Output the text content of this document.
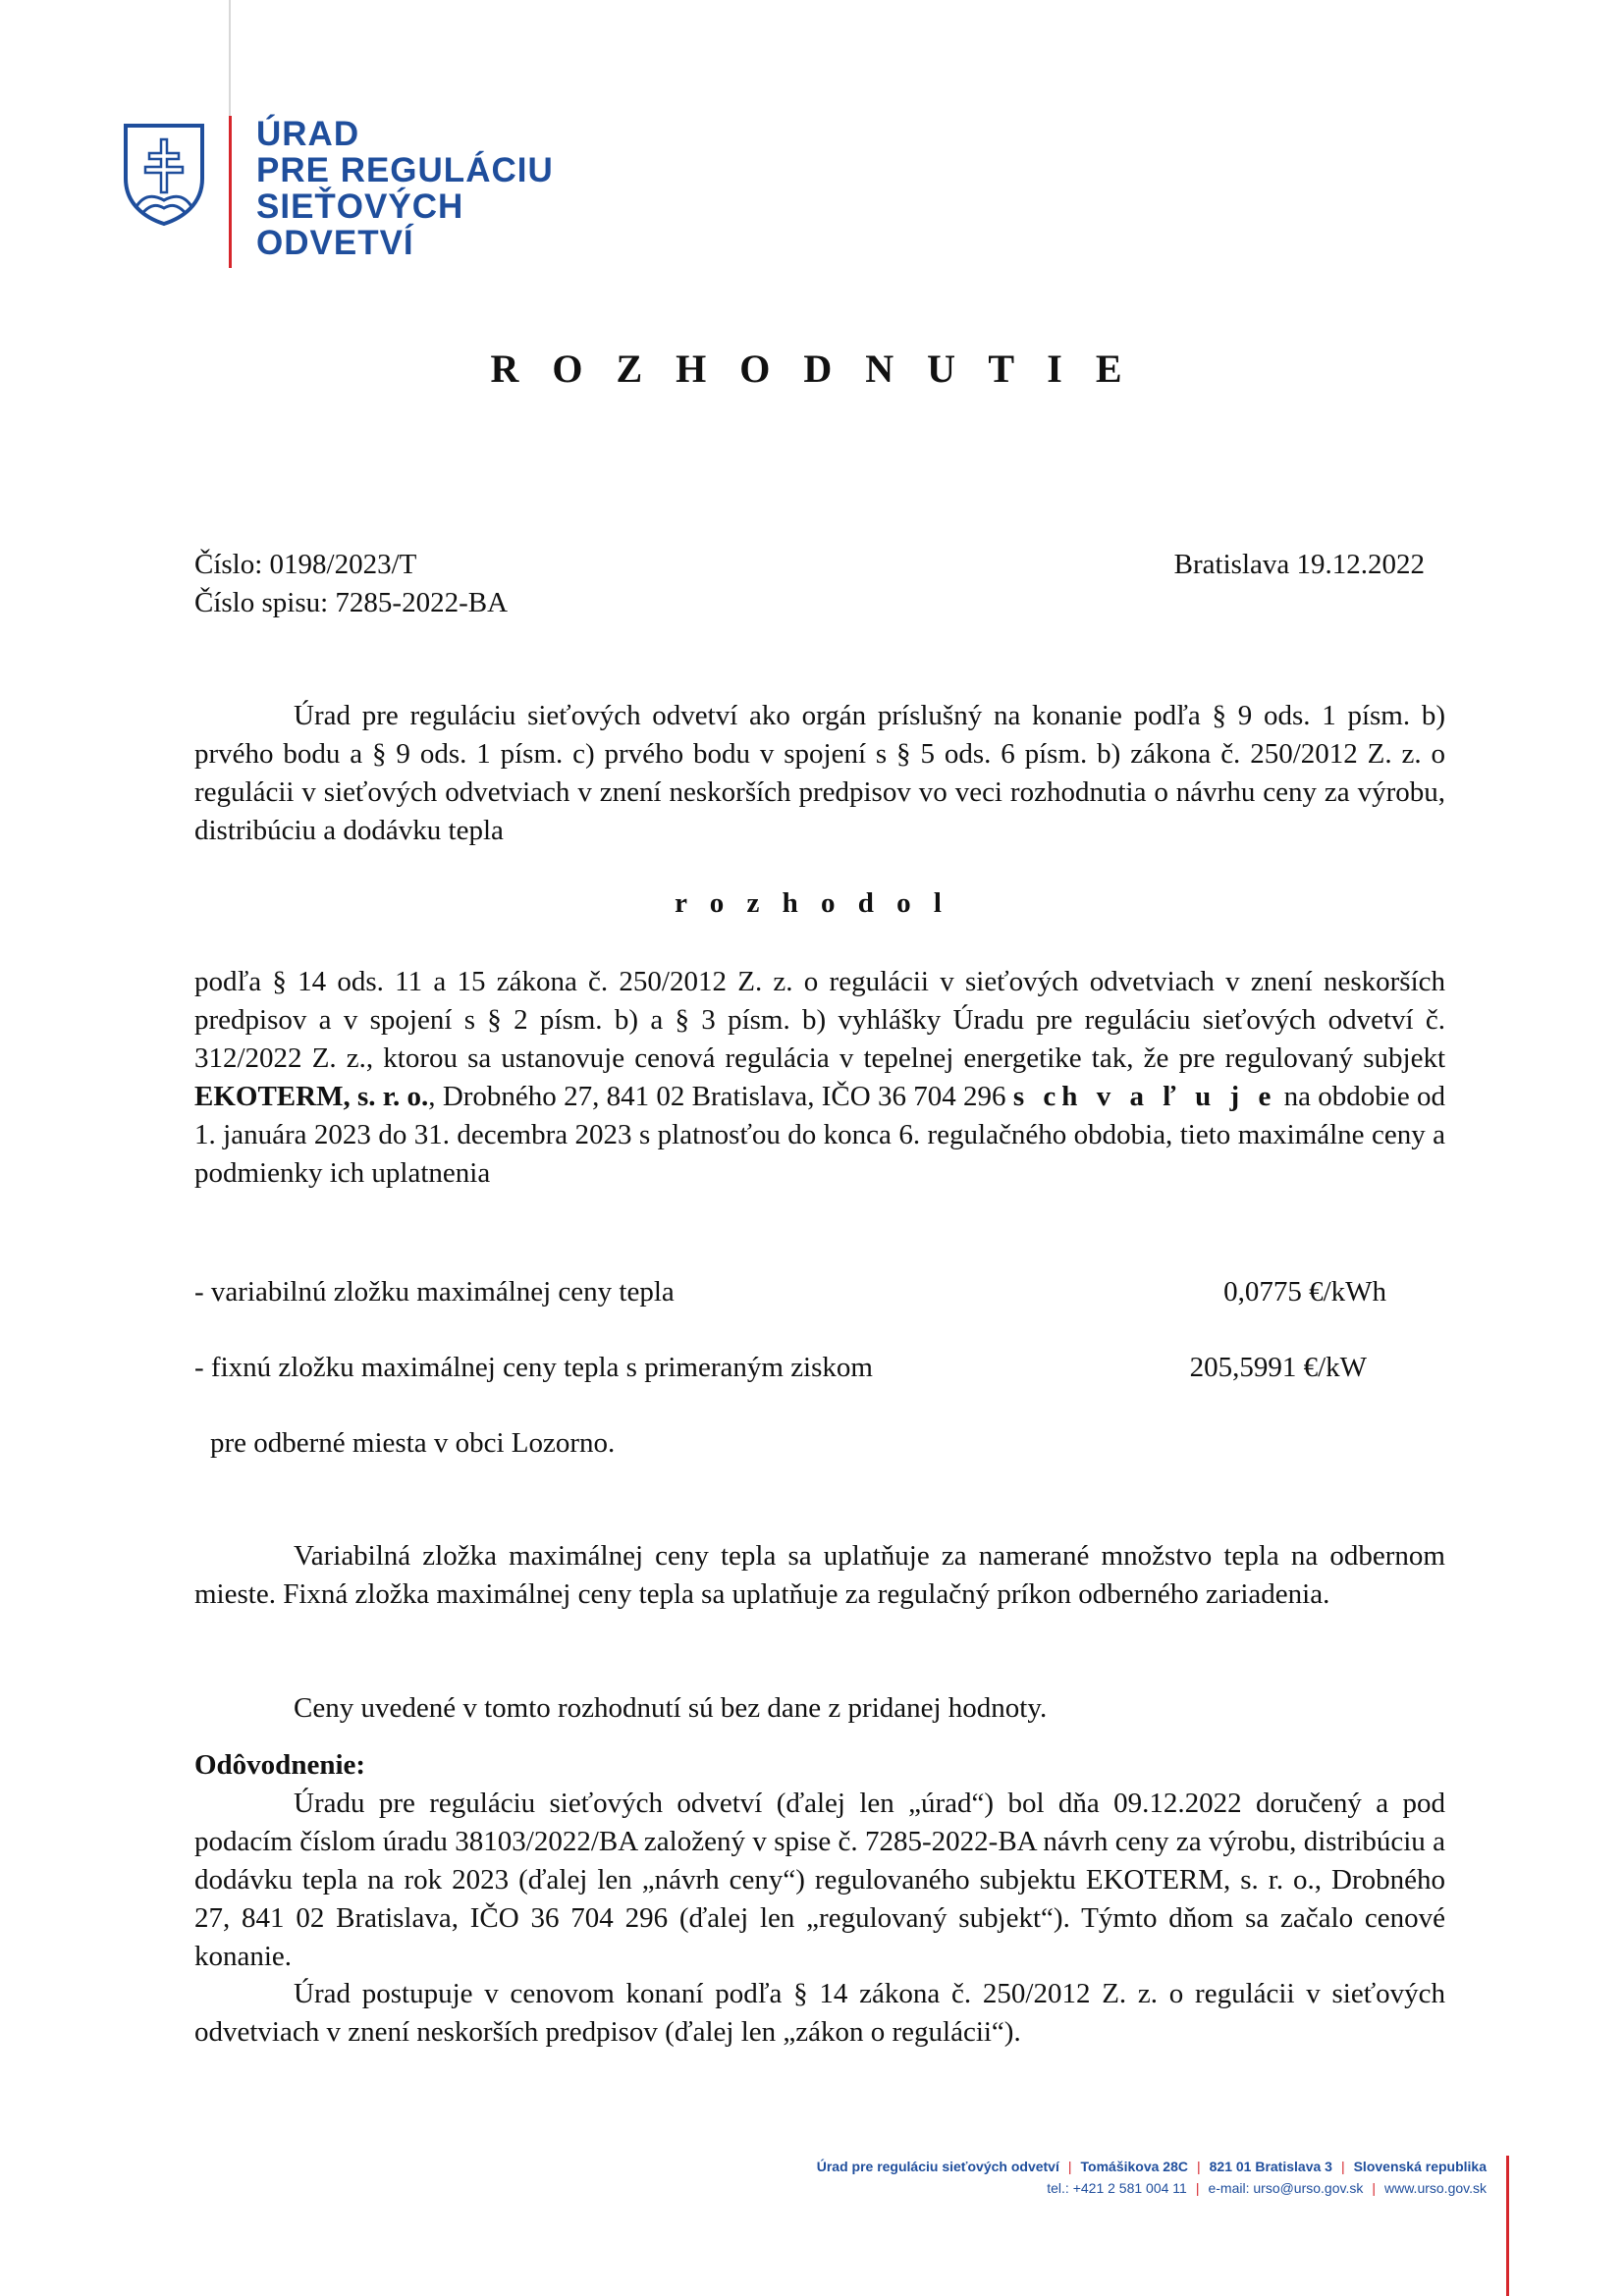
ÚRAD
PRE REGULÁCIU
SIEŤOVÝCH
ODVETVÍ
R O Z H O D N U T I E
Číslo: 0198/2023/T
Číslo spisu: 7285-2022-BA
Bratislava 19.12.2022
Úrad pre reguláciu sieťových odvetví ako orgán príslušný na konanie podľa § 9 ods. 1 písm. b) prvého bodu a § 9 ods. 1 písm. c) prvého bodu v spojení s § 5 ods. 6 písm. b) zákona č. 250/2012 Z. z. o regulácii v sieťových odvetviach v znení neskorších predpisov vo veci rozhodnutia o návrhu ceny za výrobu, distribúciu a dodávku tepla
r o z h o d o l
podľa § 14 ods. 11 a 15 zákona č. 250/2012 Z. z. o regulácii v sieťových odvetviach v znení neskorších predpisov a v spojení s § 2 písm. b) a § 3 písm. b) vyhlášky Úradu pre reguláciu sieťových odvetví č. 312/2022 Z. z., ktorou sa ustanovuje cenová regulácia v tepelnej energetike tak, že pre regulovaný subjekt EKOTERM, s. r. o., Drobného 27, 841 02 Bratislava, IČO 36 704 296 s ch v a ľ u j e na obdobie od 1. januára 2023 do 31. decembra 2023 s platnosťou do konca 6. regulačného obdobia, tieto maximálne ceny a podmienky ich uplatnenia
- variabilnú zložku maximálnej ceny tepla	0,0775 €/kWh
- fixnú zložku maximálnej ceny tepla s primeraným ziskom	205,5991 €/kW
pre odberné miesta v obci Lozorno.
Variabilná zložka maximálnej ceny tepla sa uplatňuje za namerané množstvo tepla na odbernom mieste. Fixná zložka maximálnej ceny tepla sa uplatňuje za regulačný príkon odberného zariadenia.
Ceny uvedené v tomto rozhodnutí sú bez dane z pridanej hodnoty.
Odôvodnenie:
Úradu pre reguláciu sieťových odvetví (ďalej len „úrad“) bol dňa 09.12.2022 doručený a pod podacím číslom úradu 38103/2022/BA založený v spise č. 7285-2022-BA návrh ceny za výrobu, distribúciu a dodávku tepla na rok 2023 (ďalej len „návrh ceny“) regulovaného subjektu EKOTERM, s. r. o., Drobného 27, 841 02 Bratislava, IČO 36 704 296 (ďalej len „regulovaný subjekt“). Týmto dňom sa začalo cenové konanie.
Úrad postupuje v cenovom konaní podľa § 14 zákona č. 250/2012 Z. z. o regulácii v sieťových odvetviach v znení neskorších predpisov (ďalej len „zákon o regulácii“).
Úrad pre reguláciu sieťových odvetví | Tomášikova 28C | 821 01 Bratislava 3 | Slovenská republika
tel.: +421 2 581 004 11 | e-mail: urso@urso.gov.sk | www.urso.gov.sk
